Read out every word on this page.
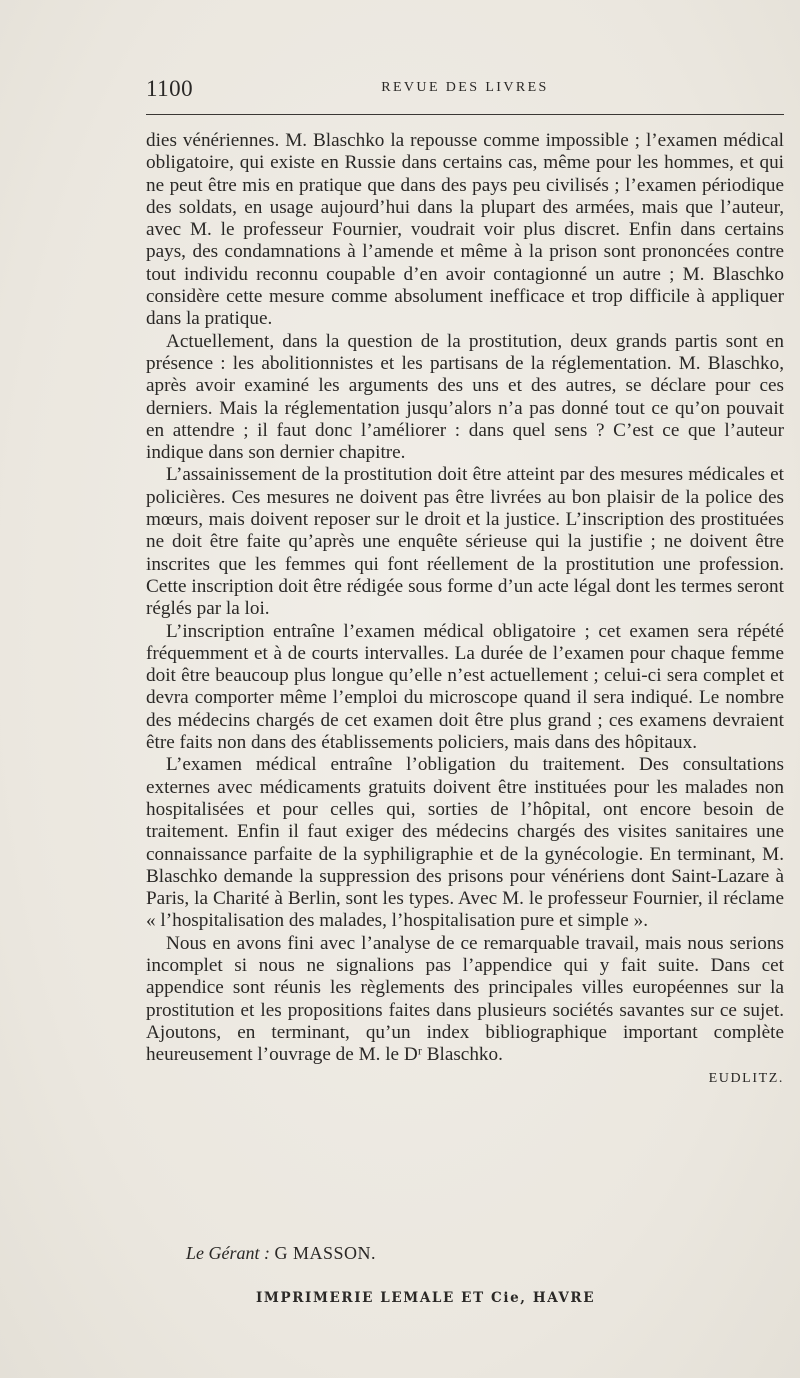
1100	REVUE DES LIVRES

dies vénériennes. M. Blaschko la repousse comme impossible ; l’examen médical obligatoire, qui existe en Russie dans certains cas, même pour les hommes, et qui ne peut être mis en pratique que dans des pays peu civilisés ; l’examen périodique des soldats, en usage aujourd’hui dans la plupart des armées, mais que l’auteur, avec M. le professeur Fournier, voudrait voir plus discret. Enfin dans certains pays, des condamnations à l’amende et même à la prison sont prononcées contre tout individu reconnu coupable d’en avoir contagionné un autre ; M. Blaschko considère cette mesure comme absolument inefficace et trop difficile à appliquer dans la pratique.

Actuellement, dans la question de la prostitution, deux grands partis sont en présence : les abolitionnistes et les partisans de la réglementation. M. Blaschko, après avoir examiné les arguments des uns et des autres, se déclare pour ces derniers. Mais la réglementation jusqu’alors n’a pas donné tout ce qu’on pouvait en attendre ; il faut donc l’améliorer : dans quel sens ? C’est ce que l’auteur indique dans son dernier chapitre.

L’assainissement de la prostitution doit être atteint par des mesures médicales et policières. Ces mesures ne doivent pas être livrées au bon plaisir de la police des mœurs, mais doivent reposer sur le droit et la justice. L’inscription des prostituées ne doit être faite qu’après une enquête sérieuse qui la justifie ; ne doivent être inscrites que les femmes qui font réellement de la prostitution une profession. Cette inscription doit être rédigée sous forme d’un acte légal dont les termes seront réglés par la loi.

L’inscription entraîne l’examen médical obligatoire ; cet examen sera répété fréquemment et à de courts intervalles. La durée de l’examen pour chaque femme doit être beaucoup plus longue qu’elle n’est actuellement ; celui-ci sera complet et devra comporter même l’emploi du microscope quand il sera indiqué. Le nombre des médecins chargés de cet examen doit être plus grand ; ces examens devraient être faits non dans des établissements policiers, mais dans des hôpitaux.

L’examen médical entraîne l’obligation du traitement. Des consultations externes avec médicaments gratuits doivent être instituées pour les malades non hospitalisées et pour celles qui, sorties de l’hôpital, ont encore besoin de traitement. Enfin il faut exiger des médecins chargés des visites sanitaires une connaissance parfaite de la syphiligraphie et de la gynécologie. En terminant, M. Blaschko demande la suppression des prisons pour vénériens dont Saint-Lazare à Paris, la Charité à Berlin, sont les types. Avec M. le professeur Fournier, il réclame « l’hospitalisation des malades, l’hospitalisation pure et simple ».

Nous en avons fini avec l’analyse de ce remarquable travail, mais nous serions incomplet si nous ne signalions pas l’appendice qui y fait suite. Dans cet appendice sont réunis les règlements des principales villes européennes sur la prostitution et les propositions faites dans plusieurs sociétés savantes sur ce sujet. Ajoutons, en terminant, qu’un index bibliographique important complète heureusement l’ouvrage de M. le Dʳ Blaschko.

EUDLITZ.

Le Gérant : G MASSON.
IMPRIMERIE LEMALE ET Cie, HAVRE
